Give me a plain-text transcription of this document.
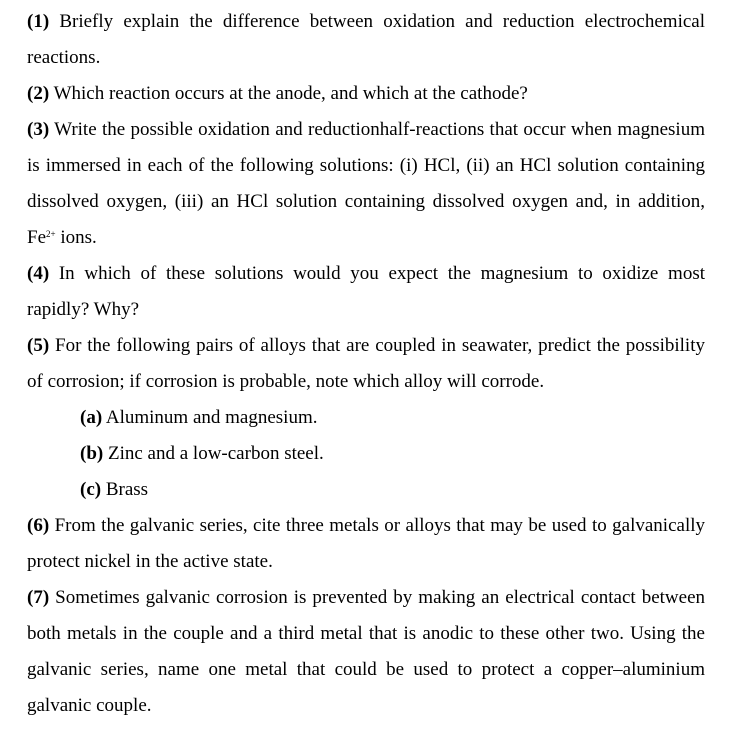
(1) Briefly explain the difference between oxidation and reduction electrochemical reactions.

(2) Which reaction occurs at the anode, and which at the cathode?

(3) Write the possible oxidation and reductionhalf-reactions that occur when magnesium is immersed in each of the following solutions: (i) HCl, (ii) an HCl solution containing dissolved oxygen, (iii) an HCl solution containing dissolved oxygen and, in addition, $Fe^{2+}$ ions.

(4) In which of these solutions would you expect the magnesium to oxidize most rapidly? Why?

(5) For the following pairs of alloys that are coupled in seawater, predict the possibility of corrosion; if corrosion is probable, note which alloy will corrode.

(a) Aluminum and magnesium.

(b) Zinc and a low-carbon steel.

(c) Brass

(6) From the galvanic series, cite three metals or alloys that may be used to galvanically protect nickel in the active state.

(7) Sometimes galvanic corrosion is prevented by making an electrical contact between both metals in the couple and a third metal that is anodic to these other two. Using the galvanic series, name one metal that could be used to protect a copper–aluminium galvanic couple.
